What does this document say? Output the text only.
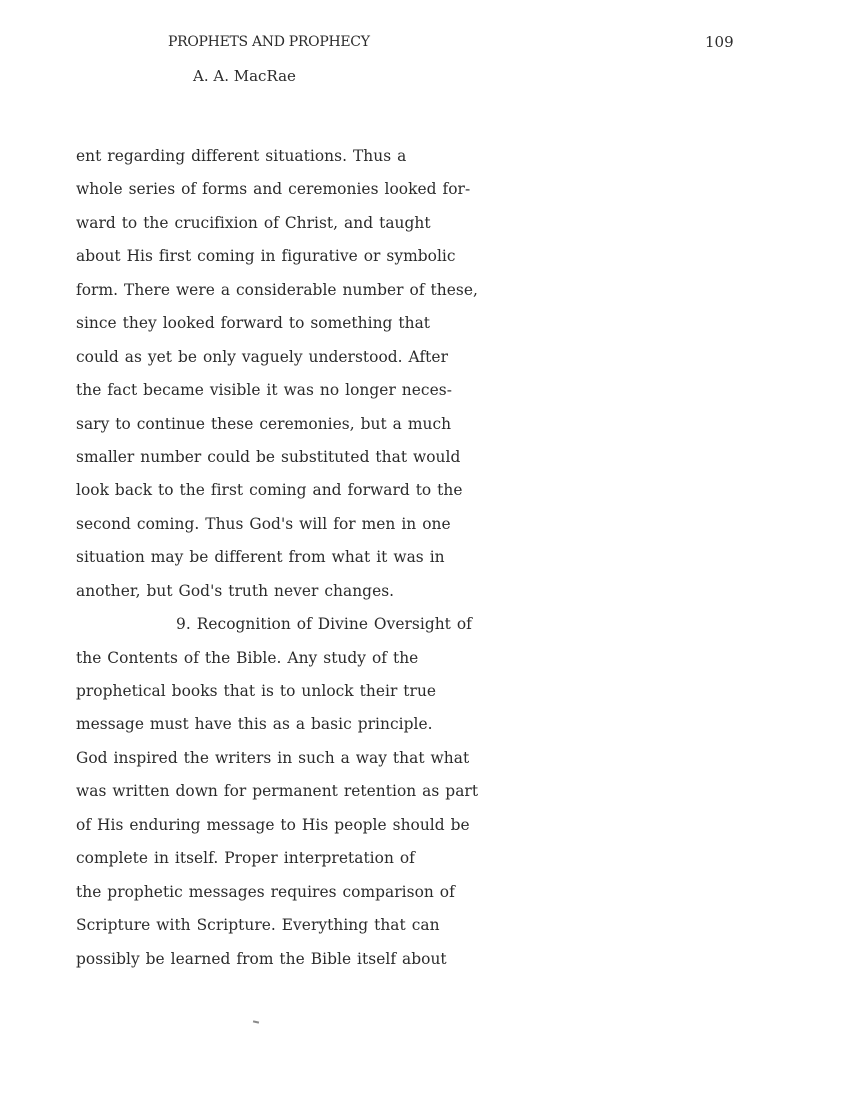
PROPHETS AND PROPHECY
A. A. MacRae
109
ent regarding different situations. Thus a
whole series of forms and ceremonies looked for-
ward to the crucifixion of Christ, and taught
about His first coming in figurative or symbolic
form. There were a considerable number of these,
since they looked forward to something that
could as yet be only vaguely understood. After
the fact became visible it was no longer neces-
sary to continue these ceremonies, but a much
smaller number could be substituted that would
look back to the first coming and forward to the
second coming. Thus God's will for men in one
situation may be different from what it was in
another, but God's truth never changes.
9. Recognition of Divine Oversight of
the Contents of the Bible. Any study of the
prophetical books that is to unlock their true
message must have this as a basic principle.
God inspired the writers in such a way that what
was written down for permanent retention as part
of His enduring message to His people should be
complete in itself. Proper interpretation of
the prophetic messages requires comparison of
Scripture with Scripture. Everything that can
possibly be learned from the Bible itself about
